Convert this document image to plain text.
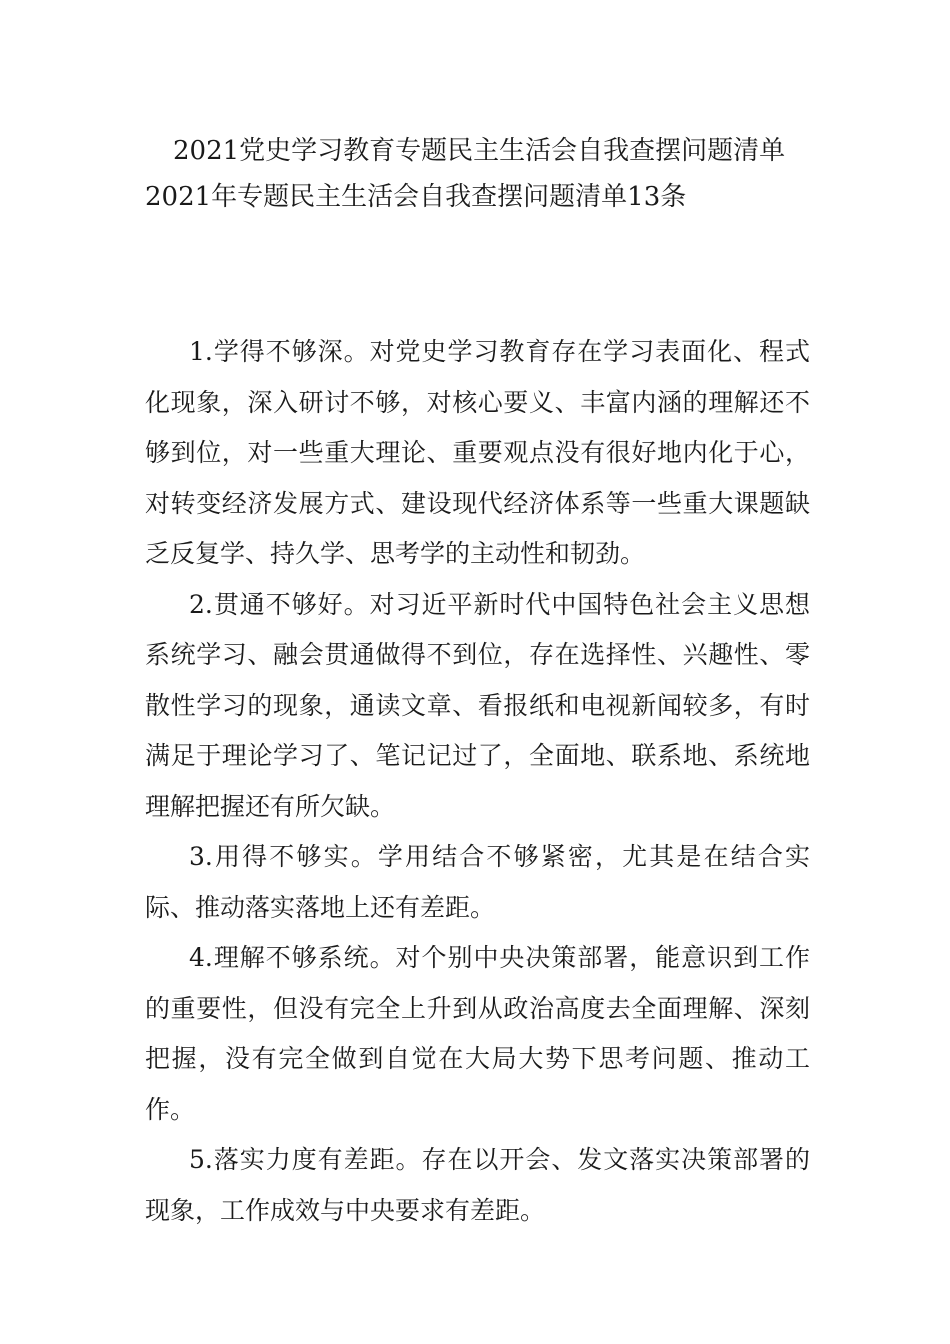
2021党史学习教育专题民主生活会自我查摆问题清单
2021年专题民主生活会自我查摆问题清单13条

1.学得不够深。对党史学习教育存在学习表面化、程式化现象，深入研讨不够，对核心要义、丰富内涵的理解还不够到位，对一些重大理论、重要观点没有很好地内化于心，对转变经济发展方式、建设现代经济体系等一些重大课题缺乏反复学、持久学、思考学的主动性和韧劲。

2.贯通不够好。对习近平新时代中国特色社会主义思想系统学习、融会贯通做得不到位，存在选择性、兴趣性、零散性学习的现象，通读文章、看报纸和电视新闻较多，有时满足于理论学习了、笔记记过了，全面地、联系地、系统地理解把握还有所欠缺。

3.用得不够实。学用结合不够紧密，尤其是在结合实际、推动落实落地上还有差距。

4.理解不够系统。对个别中央决策部署，能意识到工作的重要性，但没有完全上升到从政治高度去全面理解、深刻把握，没有完全做到自觉在大局大势下思考问题、推动工作。

5.落实力度有差距。存在以开会、发文落实决策部署的现象，工作成效与中央要求有差距。
